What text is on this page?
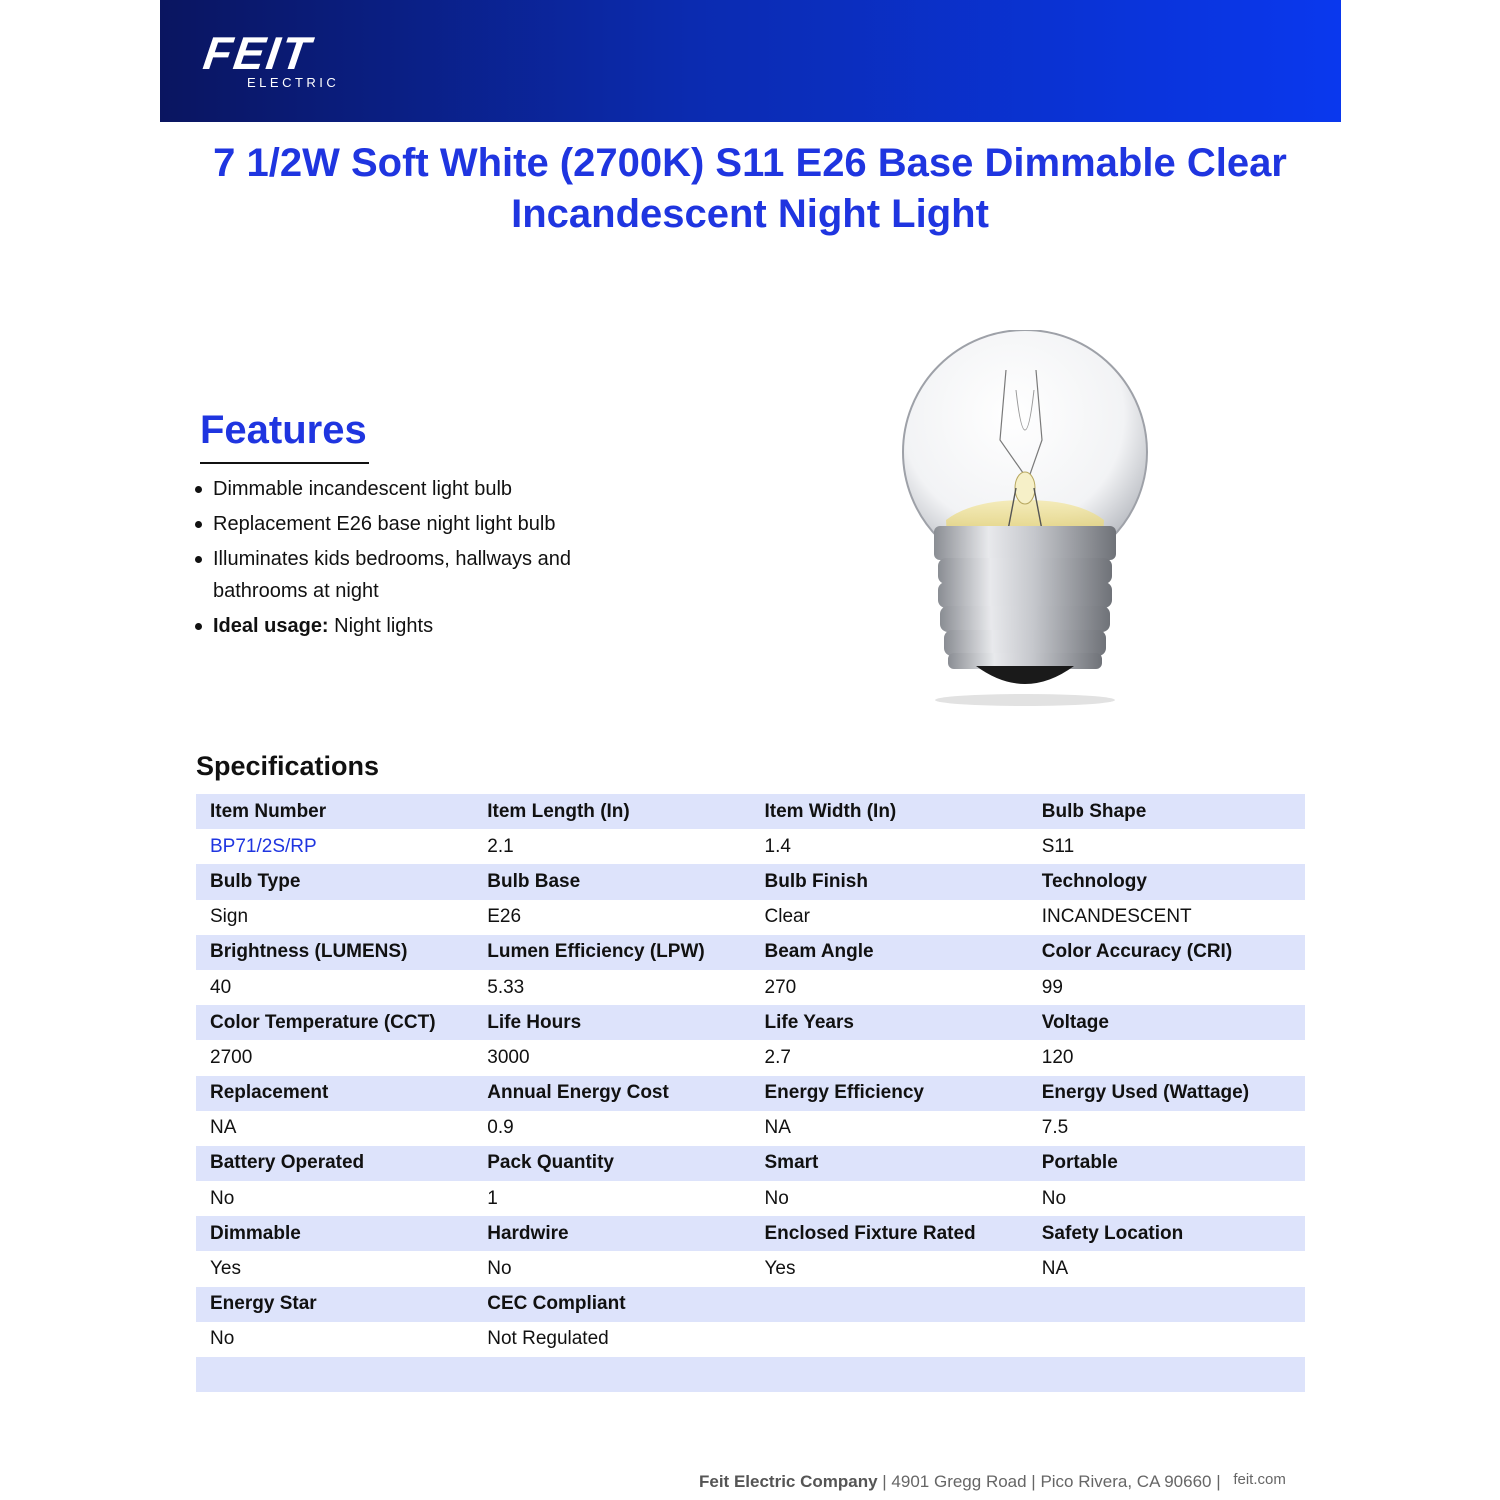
FEIT
ELECTRIC
7 1/2W Soft White (2700K) S11 E26 Base Dimmable Clear Incandescent Night Light
Features
Dimmable incandescent light bulb
Replacement E26 base night light bulb
Illuminates kids bedrooms, hallways and bathrooms at night
Ideal usage: Night lights
Specifications
Item Number	Item Length (In)	Item Width (In)	Bulb Shape
BP71/2S/RP	2.1	1.4	S11
Bulb Type	Bulb Base	Bulb Finish	Technology
Sign	E26	Clear	INCANDESCENT
Brightness (LUMENS)	Lumen Efficiency (LPW)	Beam Angle	Color Accuracy (CRI)
40	5.33	270	99
Color Temperature (CCT)	Life Hours	Life Years	Voltage
2700	3000	2.7	120
Replacement	Annual Energy Cost	Energy Efficiency	Energy Used (Wattage)
NA	0.9	NA	7.5
Battery Operated	Pack Quantity	Smart	Portable
No	1	No	No
Dimmable	Hardwire	Enclosed Fixture Rated	Safety Location
Yes	No	Yes	NA
Energy Star	CEC Compliant
No	Not Regulated
Feit Electric Company | 4901 Gregg Road | Pico Rivera, CA 90660 | feit.com
